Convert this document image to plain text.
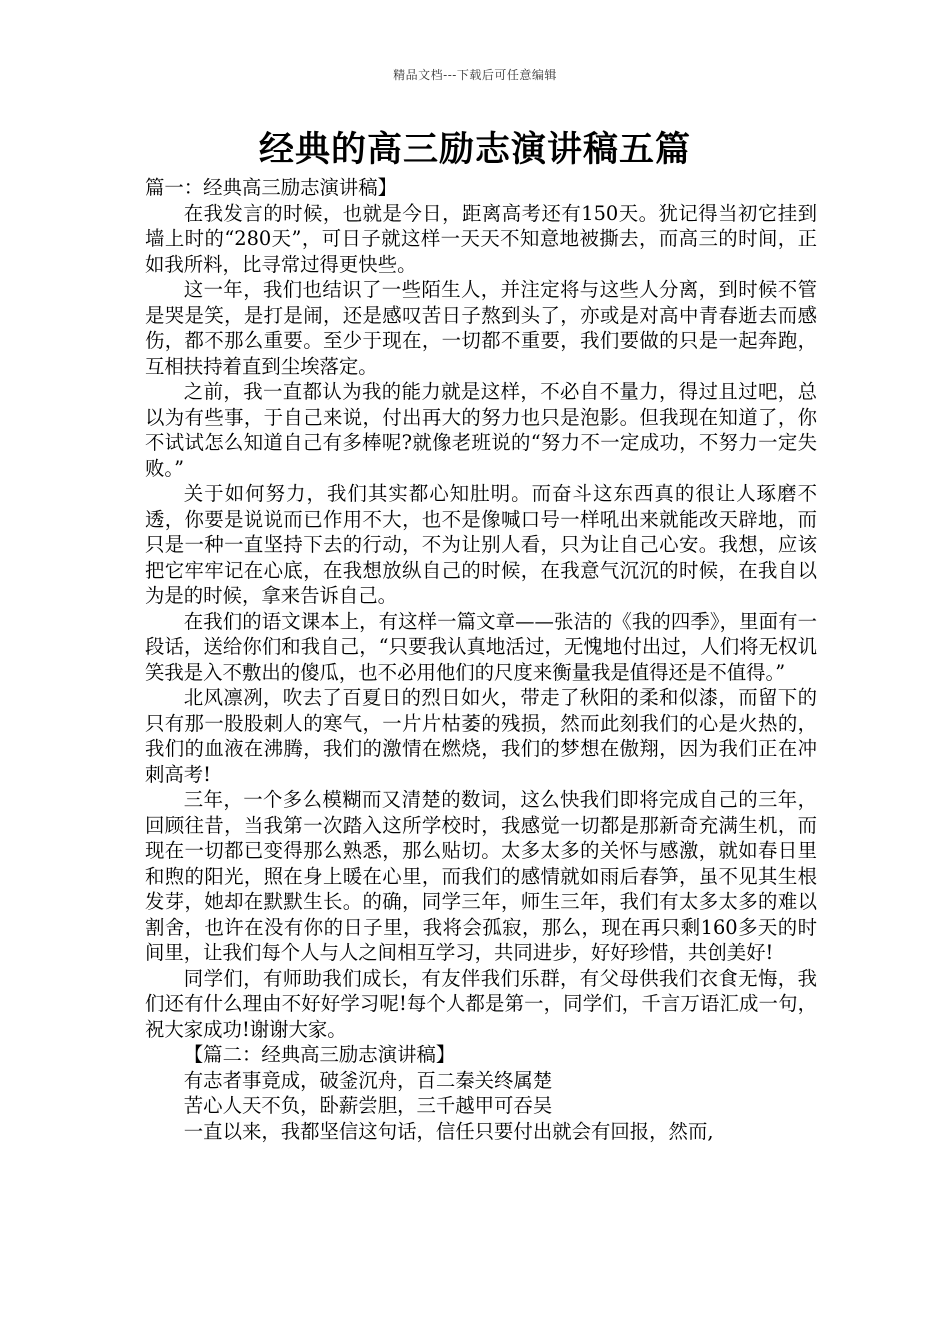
精品文档---下载后可任意编辑
经典的高三励志演讲稿五篇

篇一：经典高三励志演讲稿】

在我发言的时候，也就是今日，距离高考还有150天。犹记得当初它挂到墙上时的“280天”，可日子就这样一天天不知意地被撕去，而高三的时间，正如我所料，比寻常过得更快些。

这一年，我们也结识了一些陌生人，并注定将与这些人分离，到时候不管是哭是笑，是打是闹，还是感叹苦日子熬到头了，亦或是对高中青春逝去而感伤，都不那么重要。至少于现在，一切都不重要，我们要做的只是一起奔跑，互相扶持着直到尘埃落定。

之前，我一直都认为我的能力就是这样，不必自不量力，得过且过吧，总以为有些事，于自己来说，付出再大的努力也只是泡影。但我现在知道了，你不试试怎么知道自己有多棒呢?就像老班说的“努力不一定成功，不努力一定失败。”

关于如何努力，我们其实都心知肚明。而奋斗这东西真的很让人琢磨不透，你要是说说而已作用不大，也不是像喊口号一样吼出来就能改天辟地，而只是一种一直坚持下去的行动，不为让别人看，只为让自己心安。我想，应该把它牢牢记在心底，在我想放纵自己的时候，在我意气沉沉的时候，在我自以为是的时候，拿来告诉自己。

在我们的语文课本上，有这样一篇文章——张洁的《我的四季》，里面有一段话，送给你们和我自己，“只要我认真地活过，无愧地付出过，人们将无权讥笑我是入不敷出的傻瓜，也不必用他们的尺度来衡量我是值得还是不值得。”

北风凛冽，吹去了百夏日的烈日如火，带走了秋阳的柔和似漆，而留下的只有那一股股刺人的寒气，一片片枯萎的残损，然而此刻我们的心是火热的，我们的血液在沸腾，我们的激情在燃烧，我们的梦想在傲翔，因为我们正在冲刺高考!

三年，一个多么模糊而又清楚的数词，这么快我们即将完成自己的三年，回顾往昔，当我第一次踏入这所学校时，我感觉一切都是那新奇充满生机，而现在一切都已变得那么熟悉，那么贴切。太多太多的关怀与感激，就如春日里和煦的阳光，照在身上暖在心里，而我们的感情就如雨后春笋，虽不见其生根发芽，她却在默默生长。的确，同学三年，师生三年，我们有太多太多的难以割舍，也许在没有你的日子里，我将会孤寂，那么，现在再只剩160多天的时间里，让我们每个人与人之间相互学习，共同进步，好好珍惜，共创美好!

同学们，有师助我们成长，有友伴我们乐群，有父母供我们衣食无悔，我们还有什么理由不好好学习呢!每个人都是第一，同学们，千言万语汇成一句，祝大家成功!谢谢大家。

【篇二：经典高三励志演讲稿】

有志者事竟成，破釜沉舟，百二秦关终属楚

苦心人天不负，卧薪尝胆，三千越甲可吞吴

一直以来，我都坚信这句话，信任只要付出就会有回报，然而,
